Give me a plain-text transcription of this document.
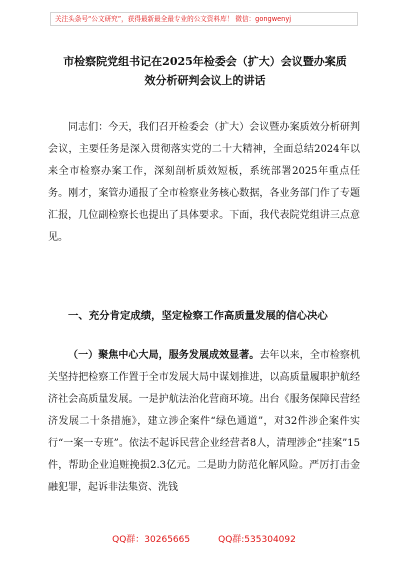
关注头条号“公文研究”，获得最新最全最专业的公文资料库！ 微信：gongwenyj
市检察院党组书记在2025年检委会（扩大）会议暨办案质
效分析研判会议上的讲话

同志们：今天，我们召开检委会（扩大）会议暨办案质效分析研判会议，主要任务是深入贯彻落实党的二十大精神，全面总结2024年以来全市检察办案工作，深刻剖析质效短板，系统部署2025年重点任务。刚才，案管办通报了全市检察业务核心数据，各业务部门作了专题汇报，几位副检察长也提出了具体要求。下面，我代表院党组讲三点意见。

一、充分肯定成绩，坚定检察工作高质量发展的信心决心

（一）聚焦中心大局，服务发展成效显著。去年以来，全市检察机关坚持把检察工作置于全市发展大局中谋划推进，以高质量履职护航经济社会高质量发展。一是护航法治化营商环境。出台《服务保障民营经济发展二十条措施》，建立涉企案件“绿色通道”，对32件涉企案件实行“一案一专班”。依法不起诉民营企业经营者8人，清理涉企“挂案”15件，帮助企业追赃挽损2.3亿元。二是助力防范化解风险。严厉打击金融犯罪，起诉非法集资、洗钱

QQ群：30265665	QQ群:535304092
